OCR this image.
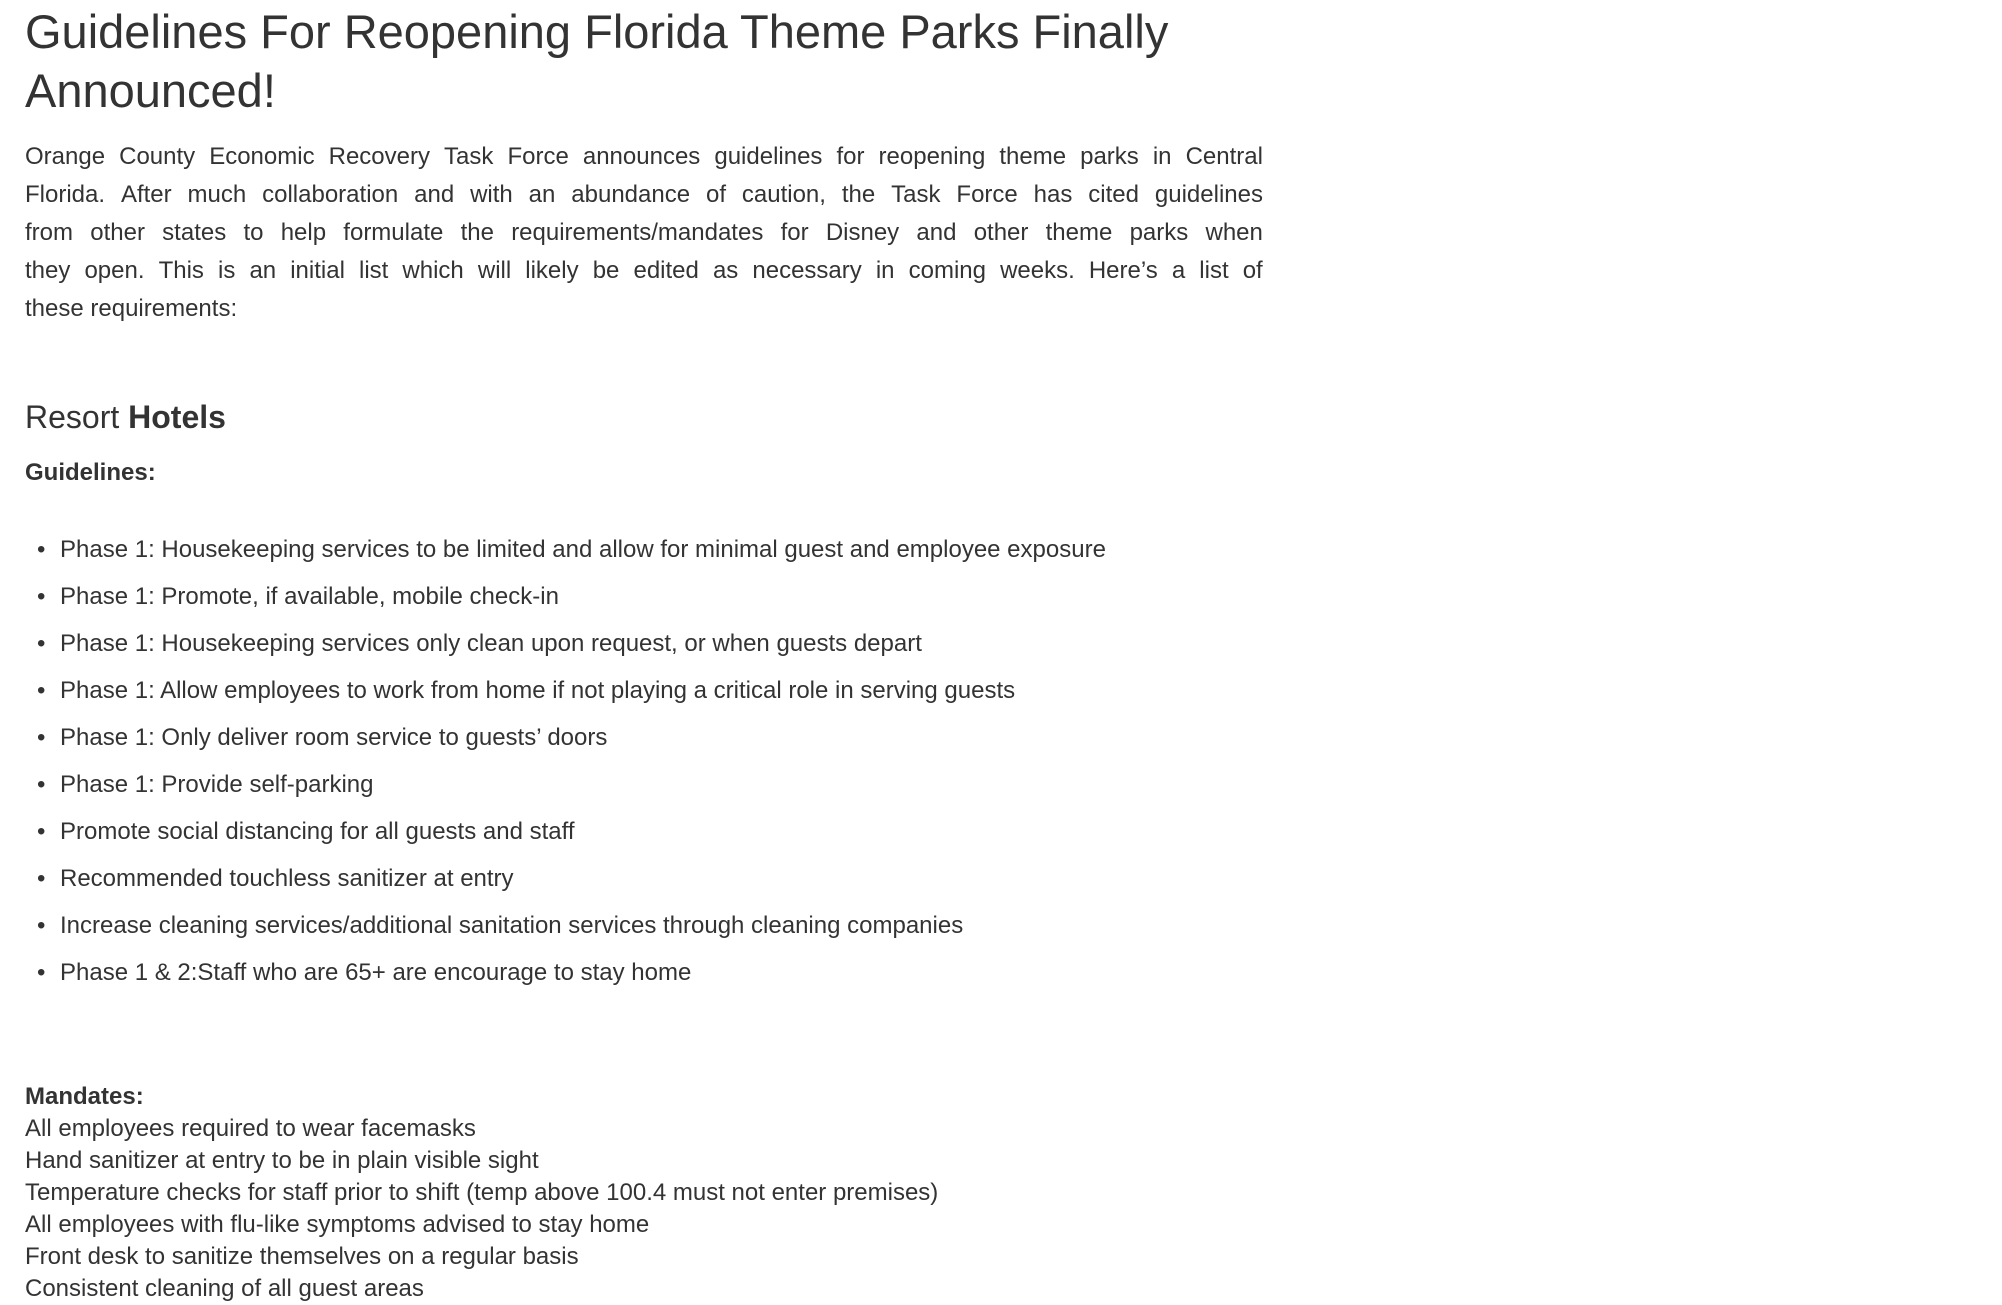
Guidelines For Reopening Florida Theme Parks Finally Announced!
Orange County Economic Recovery Task Force announces guidelines for reopening theme parks in Central
Florida. After much collaboration and with an abundance of caution, the Task Force has cited guidelines
from other states to help formulate the requirements/mandates for Disney and other theme parks when
they open. This is an initial list which will likely be edited as necessary in coming weeks. Here’s a list of
these requirements:
Resort Hotels

Guidelines:

• Phase 1: Housekeeping services to be limited and allow for minimal guest and employee exposure
• Phase 1: Promote, if available, mobile check-in
• Phase 1: Housekeeping services only clean upon request, or when guests depart
• Phase 1: Allow employees to work from home if not playing a critical role in serving guests
• Phase 1: Only deliver room service to guests’ doors
• Phase 1: Provide self-parking
• Promote social distancing for all guests and staff
• Recommended touchless sanitizer at entry
• Increase cleaning services/additional sanitation services through cleaning companies
• Phase 1 & 2:Staff who are 65+ are encourage to stay home

Mandates:

All employees required to wear facemasks

Hand sanitizer at entry to be in plain visible sight

Temperature checks for staff prior to shift (temp above 100.4 must not enter premises)

All employees with flu-like symptoms advised to stay home

Front desk to sanitize themselves on a regular basis

Consistent cleaning of all guest areas
